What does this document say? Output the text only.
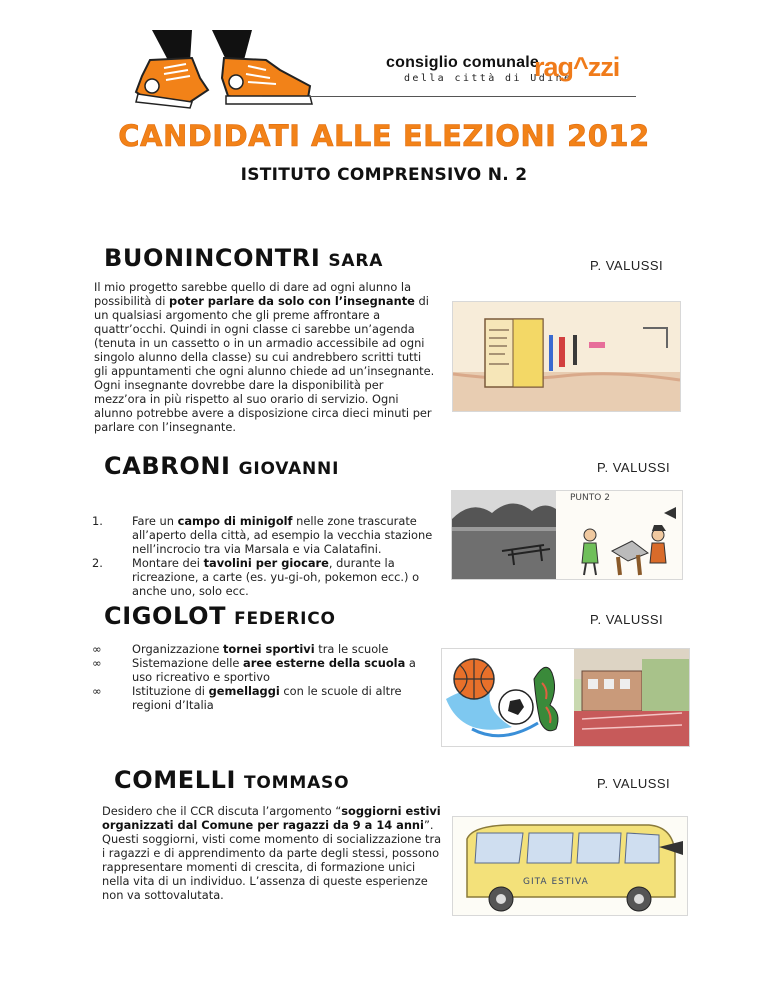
consiglio comunale
della città di Udine
rag^zzi
CANDIDATI ALLE ELEZIONI 2012
ISTITUTO COMPRENSIVO N. 2
BUONINCONTRI SARA	P. VALUSSI

Il mio progetto sarebbe quello di dare ad ogni alunno la possibilità di poter parlare da solo con l’insegnante di un qualsiasi argomento che gli preme affrontare a quattr’occhi. Quindi in ogni classe ci sarebbe un’agenda (tenuta in un cassetto o in un armadio accessibile ad ogni singolo alunno della classe) su cui andrebbero scritti tutti gli appuntamenti che ogni alunno chiede ad un’insegnante. Ogni insegnante dovrebbe dare la disponibilità per mezz’ora in più rispetto al suo orario di servizio. Ogni alunno potrebbe avere a disposizione circa dieci minuti per parlare con l’insegnante.

CABRONI GIOVANNI	P. VALUSSI
1.	Fare un campo di minigolf nelle zone trascurate all’aperto della città, ad esempio la vecchia stazione nell’incrocio tra via Marsala e via Calatafini.
2.	Montare dei tavolini per giocare, durante la ricreazione, a carte (es. yu-gi-oh, pokemon ecc.) o anche uno, solo ecc.
PUNTO 2
CIGOLOT FEDERICO	P. VALUSSI
∞	Organizzazione tornei sportivi tra le scuole
∞	Sistemazione delle aree esterne della scuola a uso ricreativo e sportivo
∞	Istituzione di gemellaggi con le scuole di altre regioni d’Italia
COMELLI TOMMASO	P. VALUSSI

Desidero che il CCR discuta l’argomento “soggiorni estivi organizzati dal Comune per ragazzi da 9 a 14 anni”. Questi soggiorni, visti come momento di socializzazione tra i ragazzi e di apprendimento da parte degli stessi, possono rappresentare momenti di crescita, di formazione unici nella vita di un individuo. L’assenza di queste esperienze non va sottovalutata.

GITA ESTIVA
